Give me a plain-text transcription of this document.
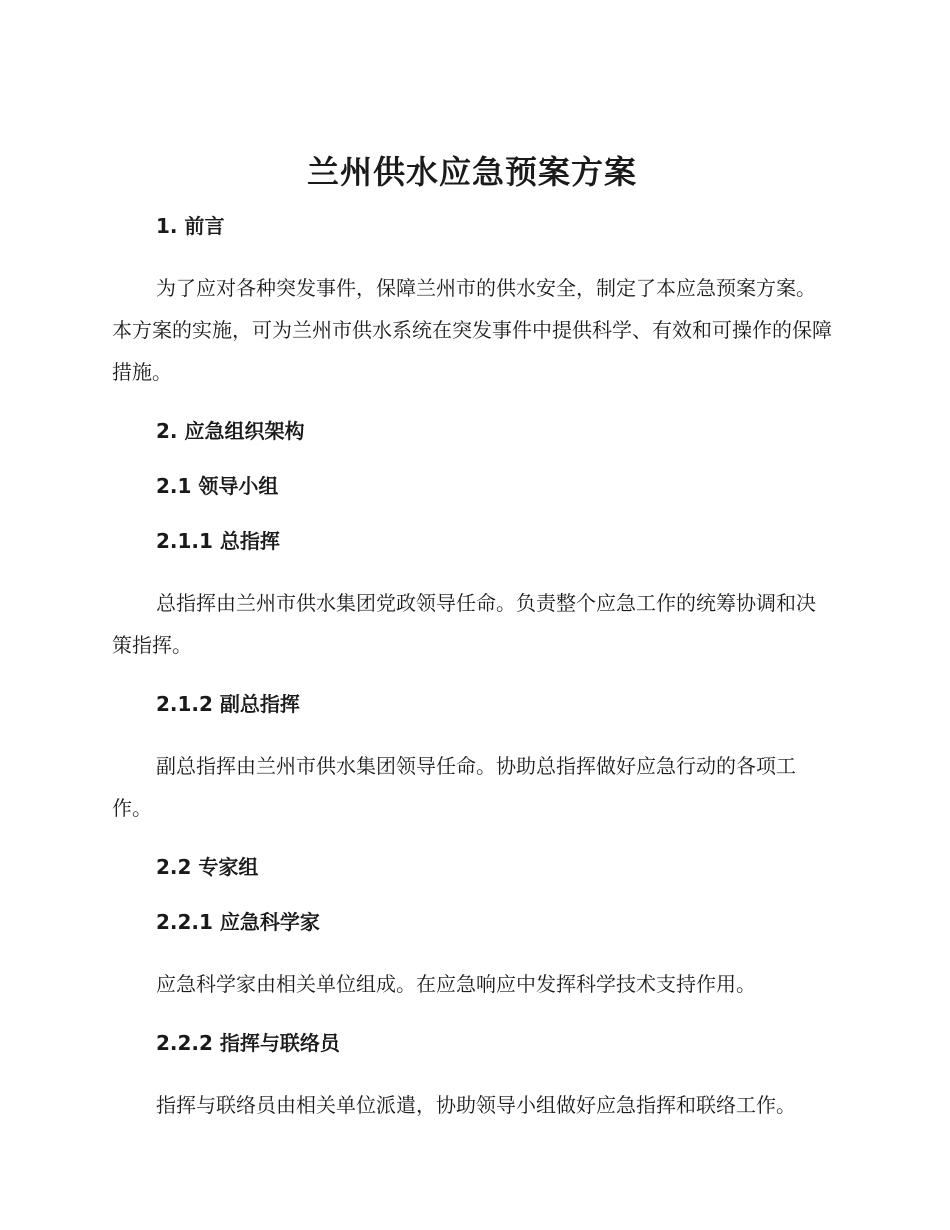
兰州供水应急预案方案

1. 前言

为了应对各种突发事件，保障兰州市的供水安全，制定了本应急预案方案。本方案的实施，可为兰州市供水系统在突发事件中提供科学、有效和可操作的保障措施。

2. 应急组织架构

2.1 领导小组

2.1.1 总指挥

总指挥由兰州市供水集团党政领导任命。负责整个应急工作的统筹协调和决策指挥。

2.1.2 副总指挥

副总指挥由兰州市供水集团领导任命。协助总指挥做好应急行动的各项工作。

2.2 专家组

2.2.1 应急科学家

应急科学家由相关单位组成。在应急响应中发挥科学技术支持作用。

2.2.2 指挥与联络员

指挥与联络员由相关单位派遣，协助领导小组做好应急指挥和联络工作。
